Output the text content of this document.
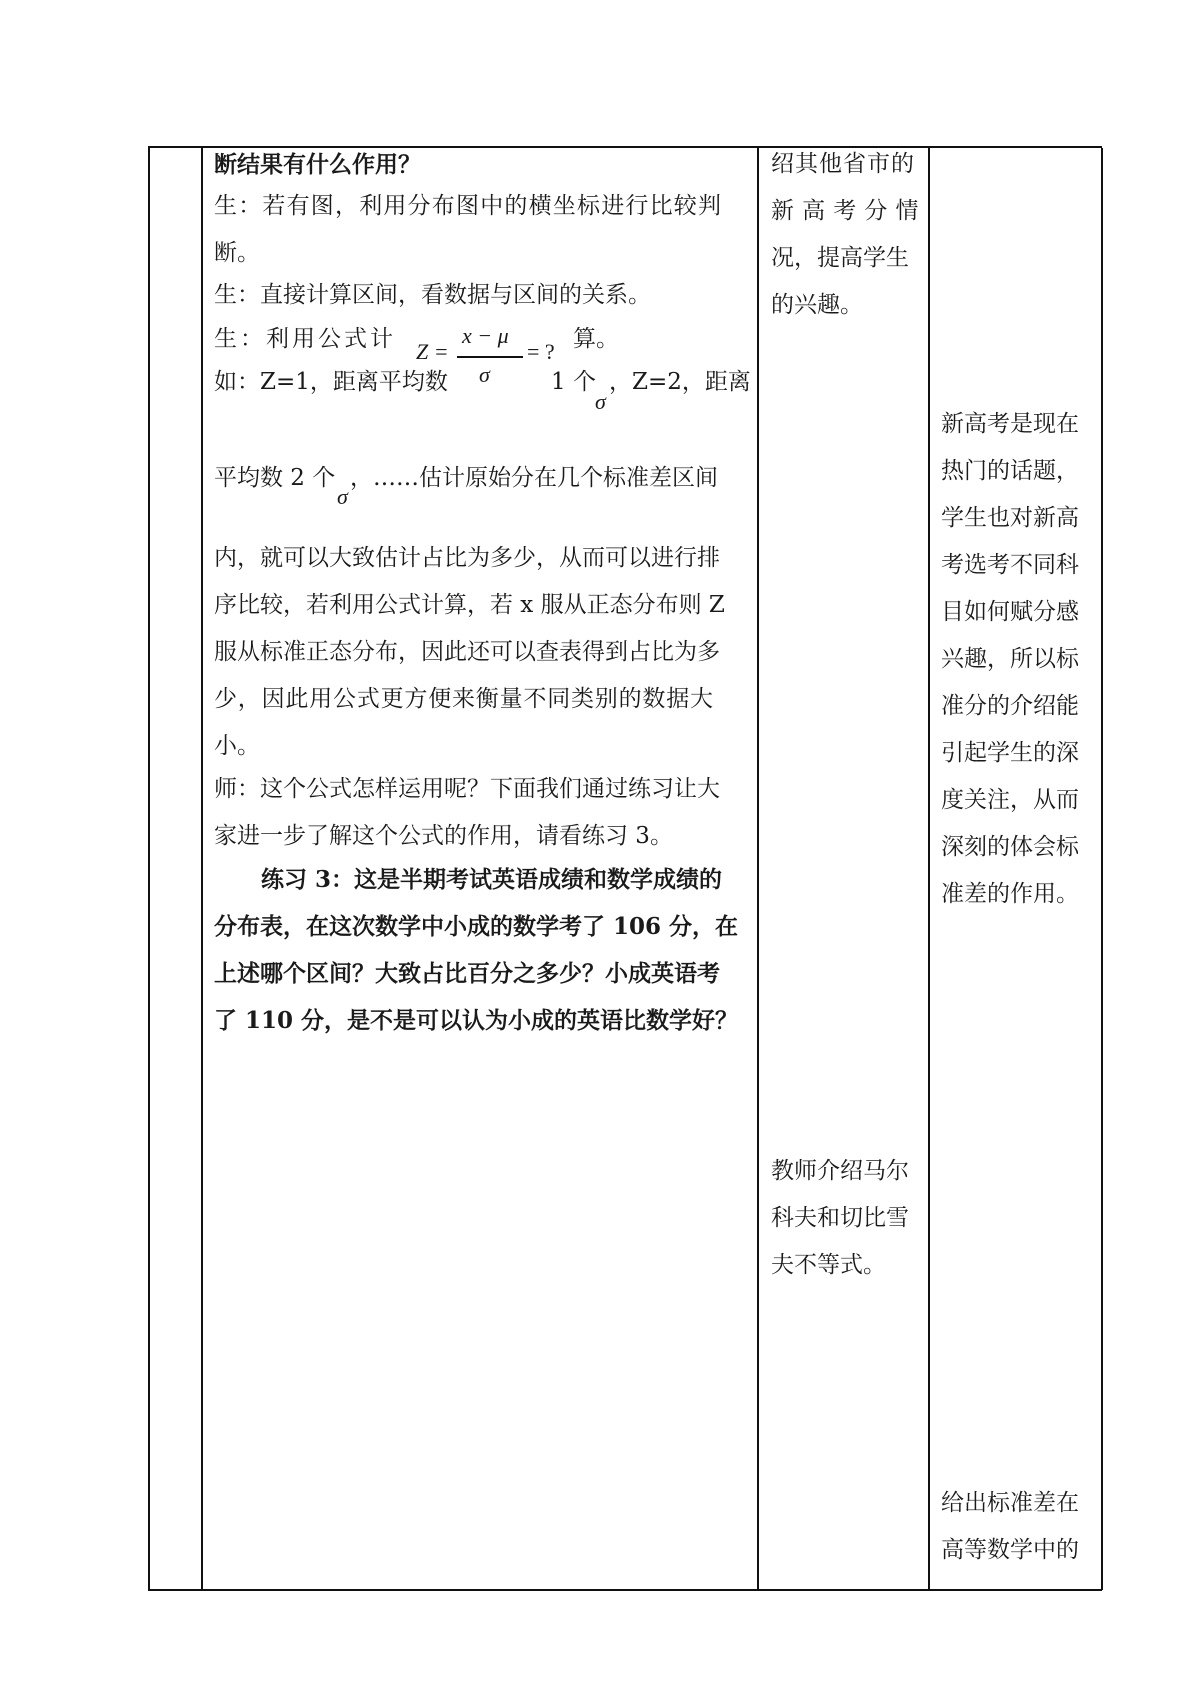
断结果有什么作用？
生：若有图，利用分布图中的横坐标进行比较判
断。
生：直接计算区间，看数据与区间的关系。
生：利用公式计	算。
Z =
x − μ
σ
= ?
如：Z=1，距离平均数	1 个
σ
，Z=2，距离
平均数 2 个
σ
，……估计原始分在几个标准差区间
内，就可以大致估计占比为多少，从而可以进行排
序比较，若利用公式计算，若 x 服从正态分布则 Z
服从标准正态分布，因此还可以查表得到占比为多
少，因此用公式更方便来衡量不同类别的数据大
小。
师：这个公式怎样运用呢？下面我们通过练习让大
家进一步了解这个公式的作用，请看练习 3。
练习 3：这是半期考试英语成绩和数学成绩的
分布表，在这次数学中小成的数学考了 106 分，在
上述哪个区间？大致占比百分之多少？小成英语考
了 110 分，是不是可以认为小成的英语比数学好？
绍其他省市的
新 高 考 分 情
况，提高学生
的兴趣。
教师介绍马尔
科夫和切比雪
夫不等式。
新高考是现在
热门的话题，
学生也对新高
考选考不同科
目如何赋分感
兴趣，所以标
准分的介绍能
引起学生的深
度关注，从而
深刻的体会标
准差的作用。
给出标准差在
高等数学中的
